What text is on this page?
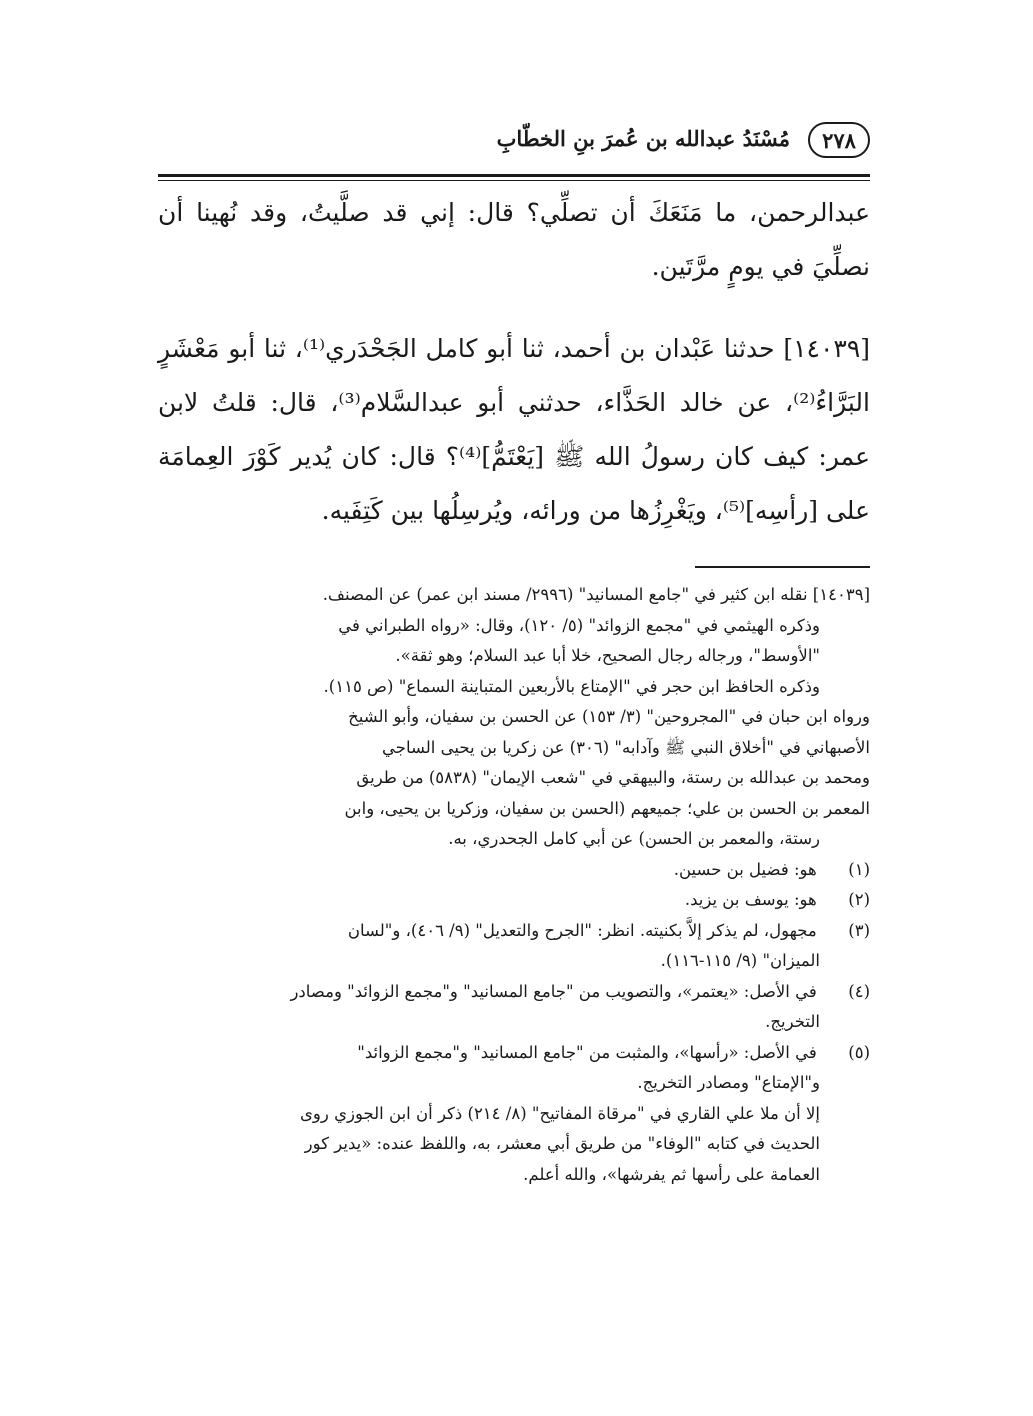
٢٧٨
مُسْنَدُ عبدالله بن عُمرَ بنِ الخطّابِ

عبدالرحمن، ما مَنَعَكَ أن تصلِّي؟ قال: إني قد صلَّيتُ، وقد نُهينا أن نصلِّيَ في يومٍ مرَّتَين.

[١٤٠٣٩] حدثنا عَبْدان بن أحمد، ثنا أبو كامل الجَحْدَري⁽¹⁾، ثنا أبو مَعْشَرٍ البَرَّاءُ⁽²⁾، عن خالد الحَذَّاء، حدثني أبو عبدالسَّلام⁽³⁾، قال: قلتُ لابن عمر: كيف كان رسولُ الله ﷺ [يَعْتَمُّ]⁽⁴⁾؟ قال: كان يُدير كَوْرَ العِمامَة على [رأسِه]⁽⁵⁾، ويَغْرِزُها من ورائه، ويُرسِلُها بين كَتِفَيه.

[١٤٠٣٩] نقله ابن كثير في "جامع المسانيد" (٢٩٩٦/ مسند ابن عمر) عن المصنف.
وذكره الهيثمي في "مجمع الزوائد" (٥/ ١٢٠)، وقال: «رواه الطبراني في
"الأوسط"، ورجاله رجال الصحيح، خلا أبا عبد السلام؛ وهو ثقة».
وذكره الحافظ ابن حجر في "الإمتاع بالأربعين المتباينة السماع" (ص ١١٥).
ورواه ابن حبان في "المجروحين" (٣/ ١٥٣) عن الحسن بن سفيان، وأبو الشيخ
الأصبهاني في "أخلاق النبي ﷺ وآدابه" (٣٠٦) عن زكريا بن يحيى الساجي
ومحمد بن عبدالله بن رستة، والبيهقي في "شعب الإيمان" (٥٨٣٨) من طريق
المعمر بن الحسن بن علي؛ جميعهم (الحسن بن سفيان، وزكريا بن يحيى، وابن
رستة، والمعمر بن الحسن) عن أبي كامل الجحدري، به.
(١) هو: فضيل بن حسين.
(٢) هو: يوسف بن يزيد.
(٣) مجهول، لم يذكر إلاَّ بكنيته. انظر: "الجرح والتعديل" (٩/ ٤٠٦)، و"لسان
الميزان" (٩/ ١١٥-١١٦).
(٤) في الأصل: «يعتمر»، والتصويب من "جامع المسانيد" و"مجمع الزوائد" ومصادر
التخريج.
(٥) في الأصل: «رأسها»، والمثبت من "جامع المسانيد" و"مجمع الزوائد"
و"الإمتاع" ومصادر التخريج.
إلا أن ملا علي القاري في "مرقاة المفاتيح" (٨/ ٢١٤) ذكر أن ابن الجوزي روى
الحديث في كتابه "الوفاء" من طريق أبي معشر، به، واللفظ عنده: «يدير كور
العمامة على رأسها ثم يفرشها»، والله أعلم.
